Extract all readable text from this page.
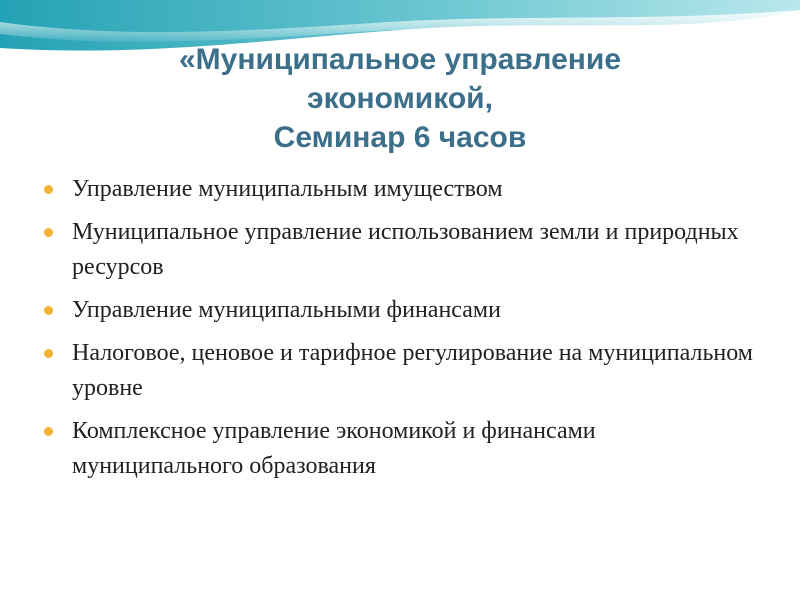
«Муниципальное управление
экономикой,
Семинар 6 часов
Управление муниципальным имуществом
Муниципальное управление использованием земли и природных ресурсов
Управление муниципальными финансами
Налоговое, ценовое и тарифное регулирование на муниципальном уровне
Комплексное управление экономикой и финансами муниципального образования
